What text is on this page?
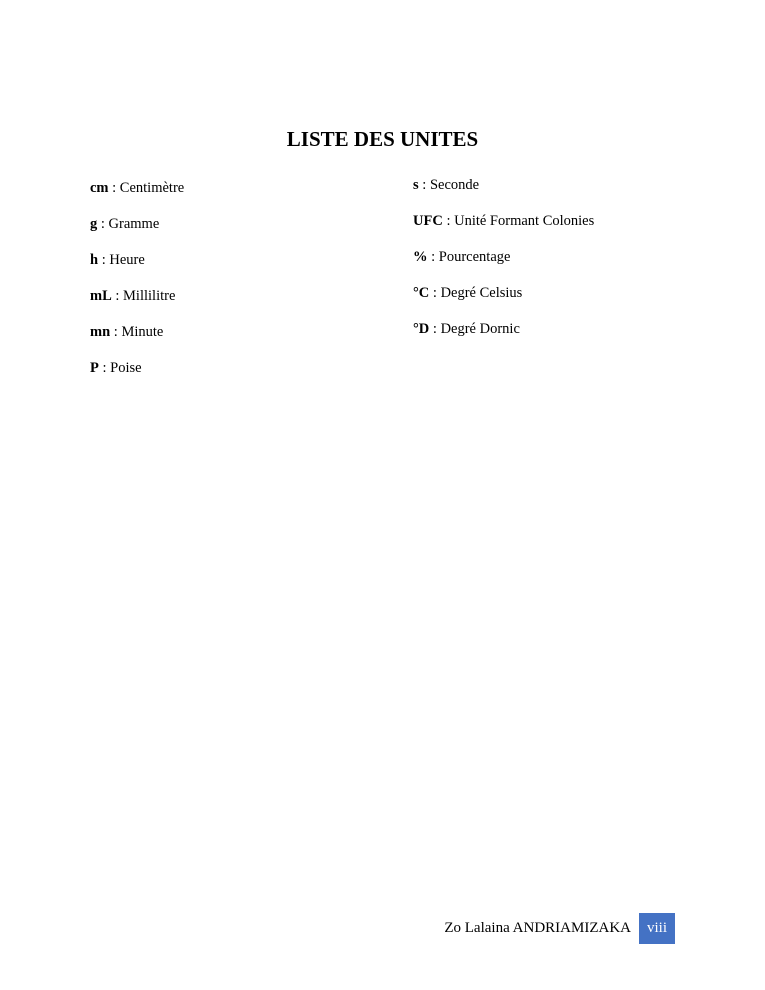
LISTE DES UNITES
cm : Centimètre
g : Gramme
h : Heure
mL : Millilitre
mn : Minute
P : Poise
s : Seconde
UFC : Unité Formant Colonies
% : Pourcentage
°C : Degré Celsius
°D : Degré Dornic
Zo Lalaina ANDRIAMIZAKA	viii
